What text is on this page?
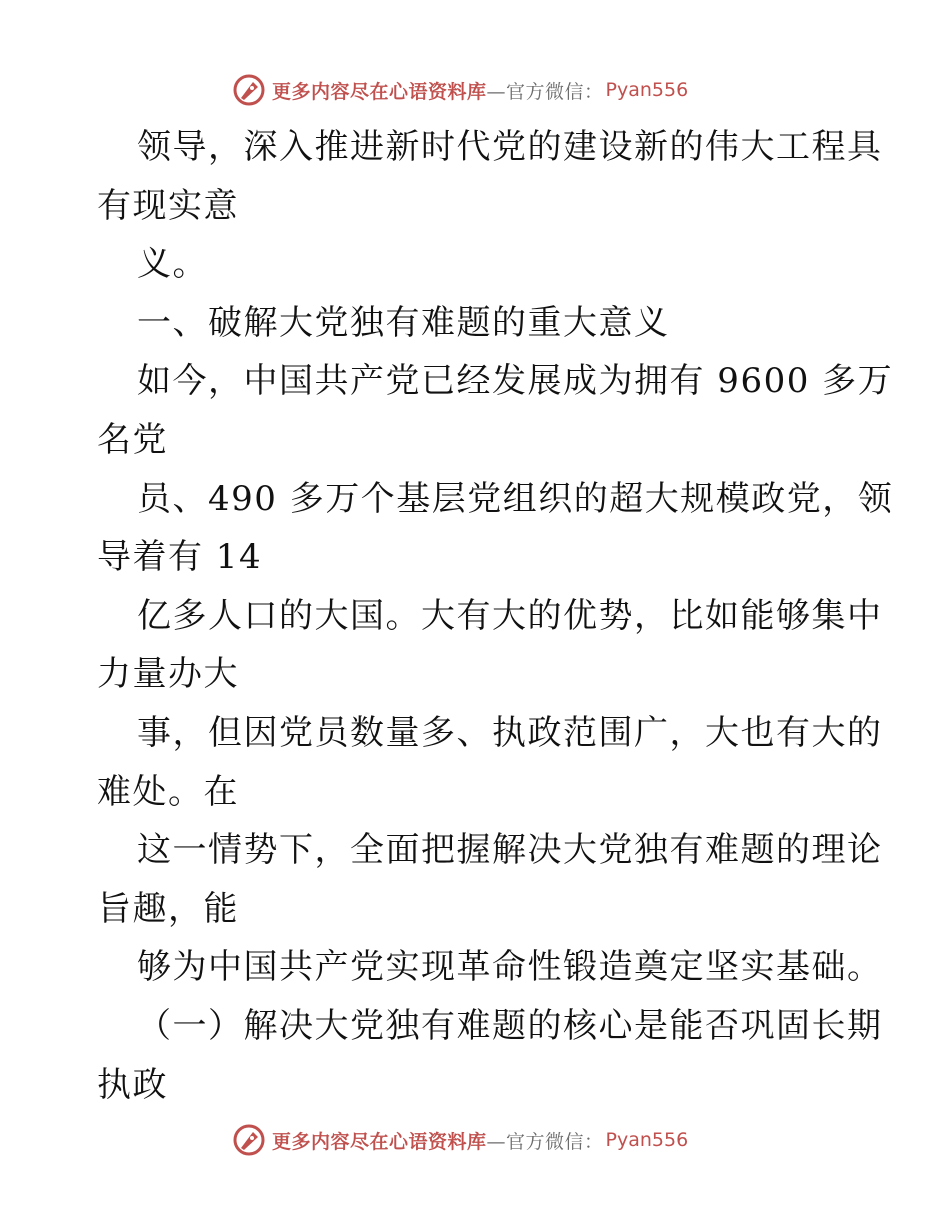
更多内容尽在心语资料库 —官方微信： Pyan556
领导，深入推进新时代党的建设新的伟大工程具
有现实意
义。
一、破解大党独有难题的重大意义
如今，中国共产党已经发展成为拥有 9600 多万
名党
员、490 多万个基层党组织的超大规模政党，领
导着有 14
亿多人口的大国。大有大的优势，比如能够集中
力量办大
事，但因党员数量多、执政范围广，大也有大的
难处。在
这一情势下，全面把握解决大党独有难题的理论
旨趣，能
够为中国共产党实现革命性锻造奠定坚实基础。
（一）解决大党独有难题的核心是能否巩固长期
执政
更多内容尽在心语资料库 —官方微信： Pyan556
